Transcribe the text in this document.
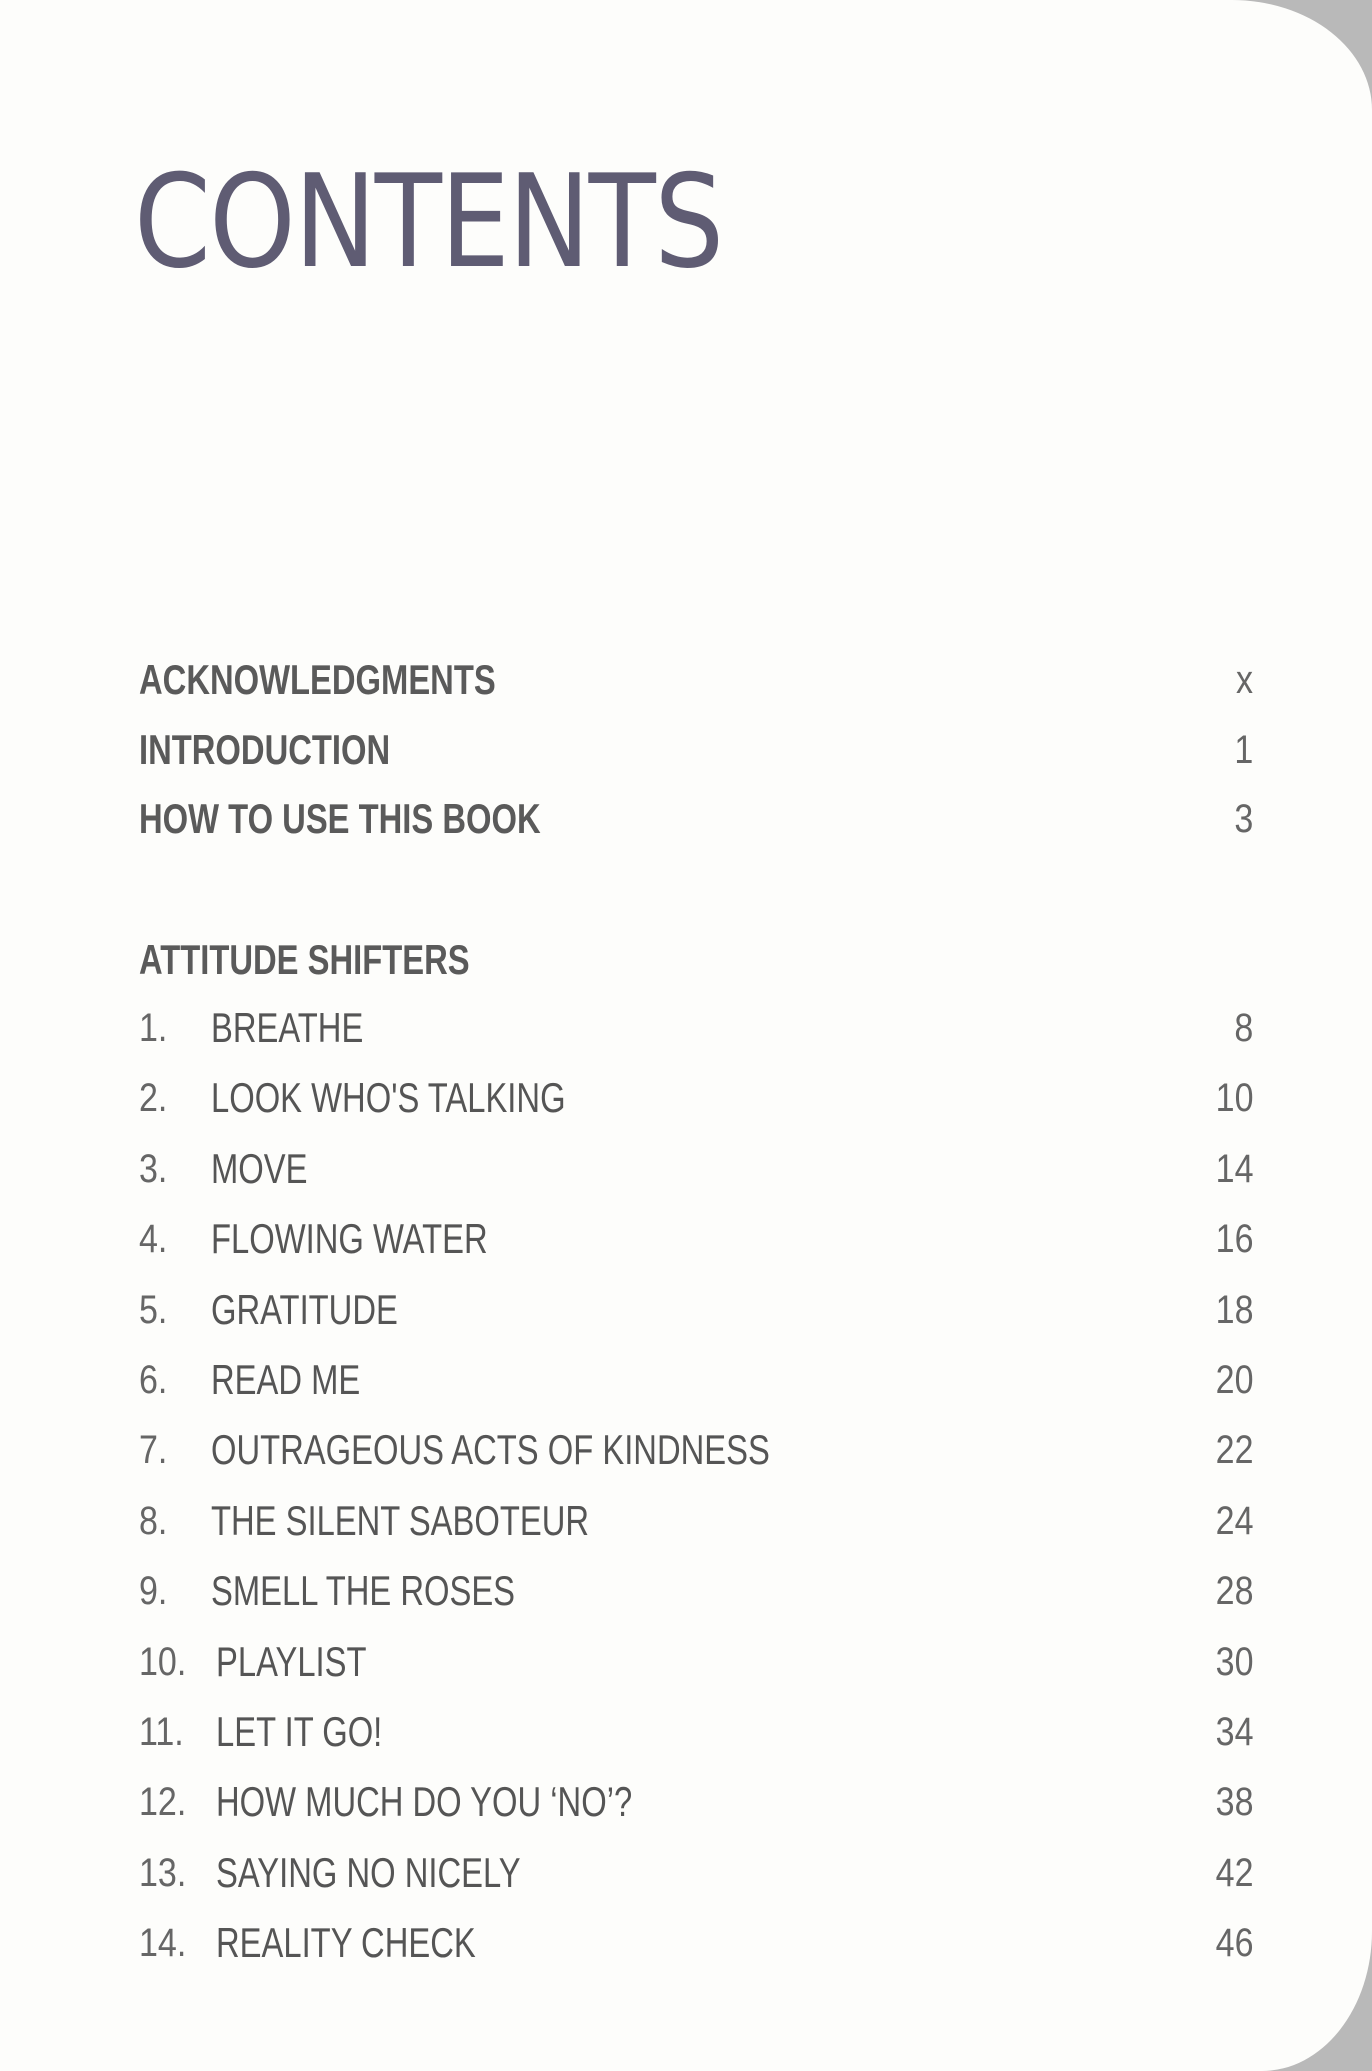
CONTENTS
ACKNOWLEDGMENTS	x
INTRODUCTION	1
HOW TO USE THIS BOOK	3
ATTITUDE SHIFTERS
1. BREATHE	8
2. LOOK WHO'S TALKING	10
3. MOVE	14
4. FLOWING WATER	16
5. GRATITUDE	18
6. READ ME	20
7. OUTRAGEOUS ACTS OF KINDNESS	22
8. THE SILENT SABOTEUR	24
9. SMELL THE ROSES	28
10. PLAYLIST	30
11. LET IT GO!	34
12. HOW MUCH DO YOU ‘NO’?	38
13. SAYING NO NICELY	42
14. REALITY CHECK	46
